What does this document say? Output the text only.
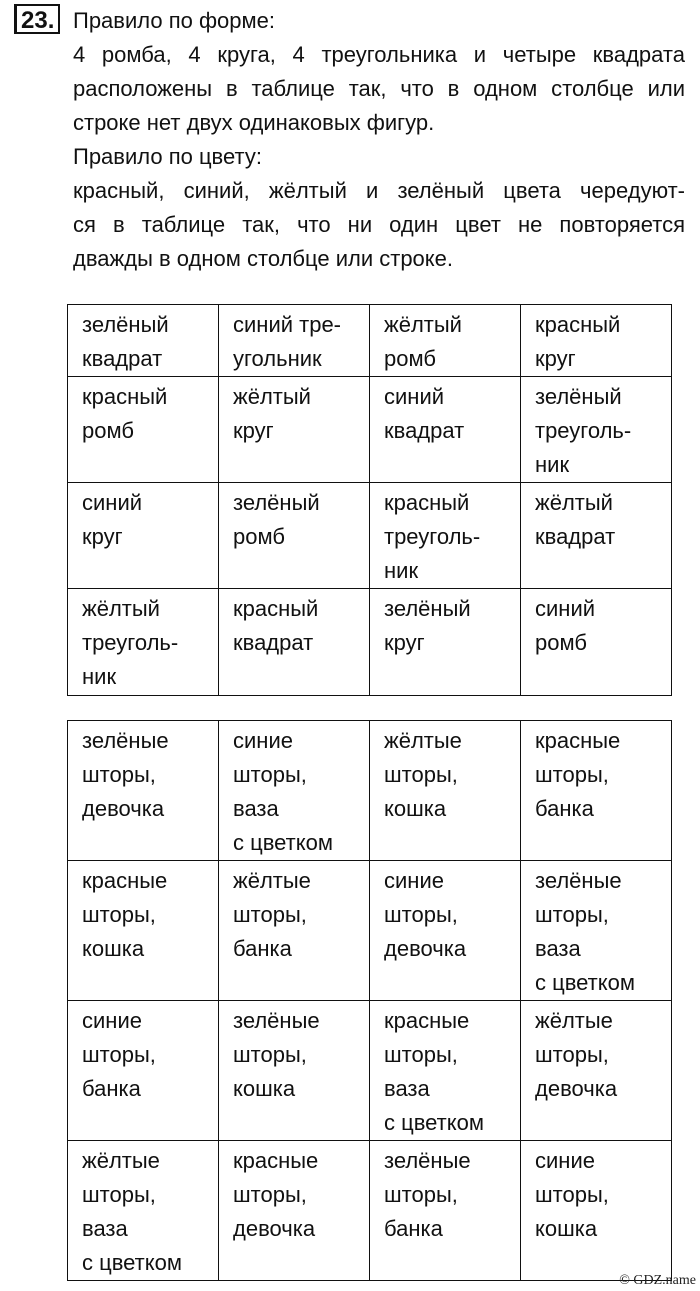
23. Правило по форме:
4 ромба, 4 круга, 4 треугольника и четыре квадрата
расположены в таблице так, что в одном столбце или
строке нет двух одинаковых фигур.
Правило по цвету:
красный, синий, жёлтый и зелёный цвета чередуют-
ся в таблице так, что ни один цвет не повторяется
дважды в одном столбце или строке.
зелёный
квадрат	синий тре-
угольник	жёлтый
ромб	красный
круг

красный
ромб	жёлтый
круг	синий
квадрат	зелёный
треуголь-
ник

синий
круг	зелёный
ромб	красный
треуголь-
ник	жёлтый
квадрат

жёлтый
треуголь-
ник	красный
квадрат	зелёный
круг	синий
ромб
зелёные
шторы,
девочка	синие
шторы,
ваза
с цветком	жёлтые
шторы,
кошка	красные
шторы,
банка

красные
шторы,
кошка	жёлтые
шторы,
банка	синие
шторы,
девочка	зелёные
шторы,
ваза
с цветком

синие
шторы,
банка	зелёные
шторы,
кошка	красные
шторы,
ваза
с цветком	жёлтые
шторы,
девочка

жёлтые
шторы,
ваза
с цветком	красные
шторы,
девочка	зелёные
шторы,
банка	синие
шторы,
кошка
© GDZ.name
